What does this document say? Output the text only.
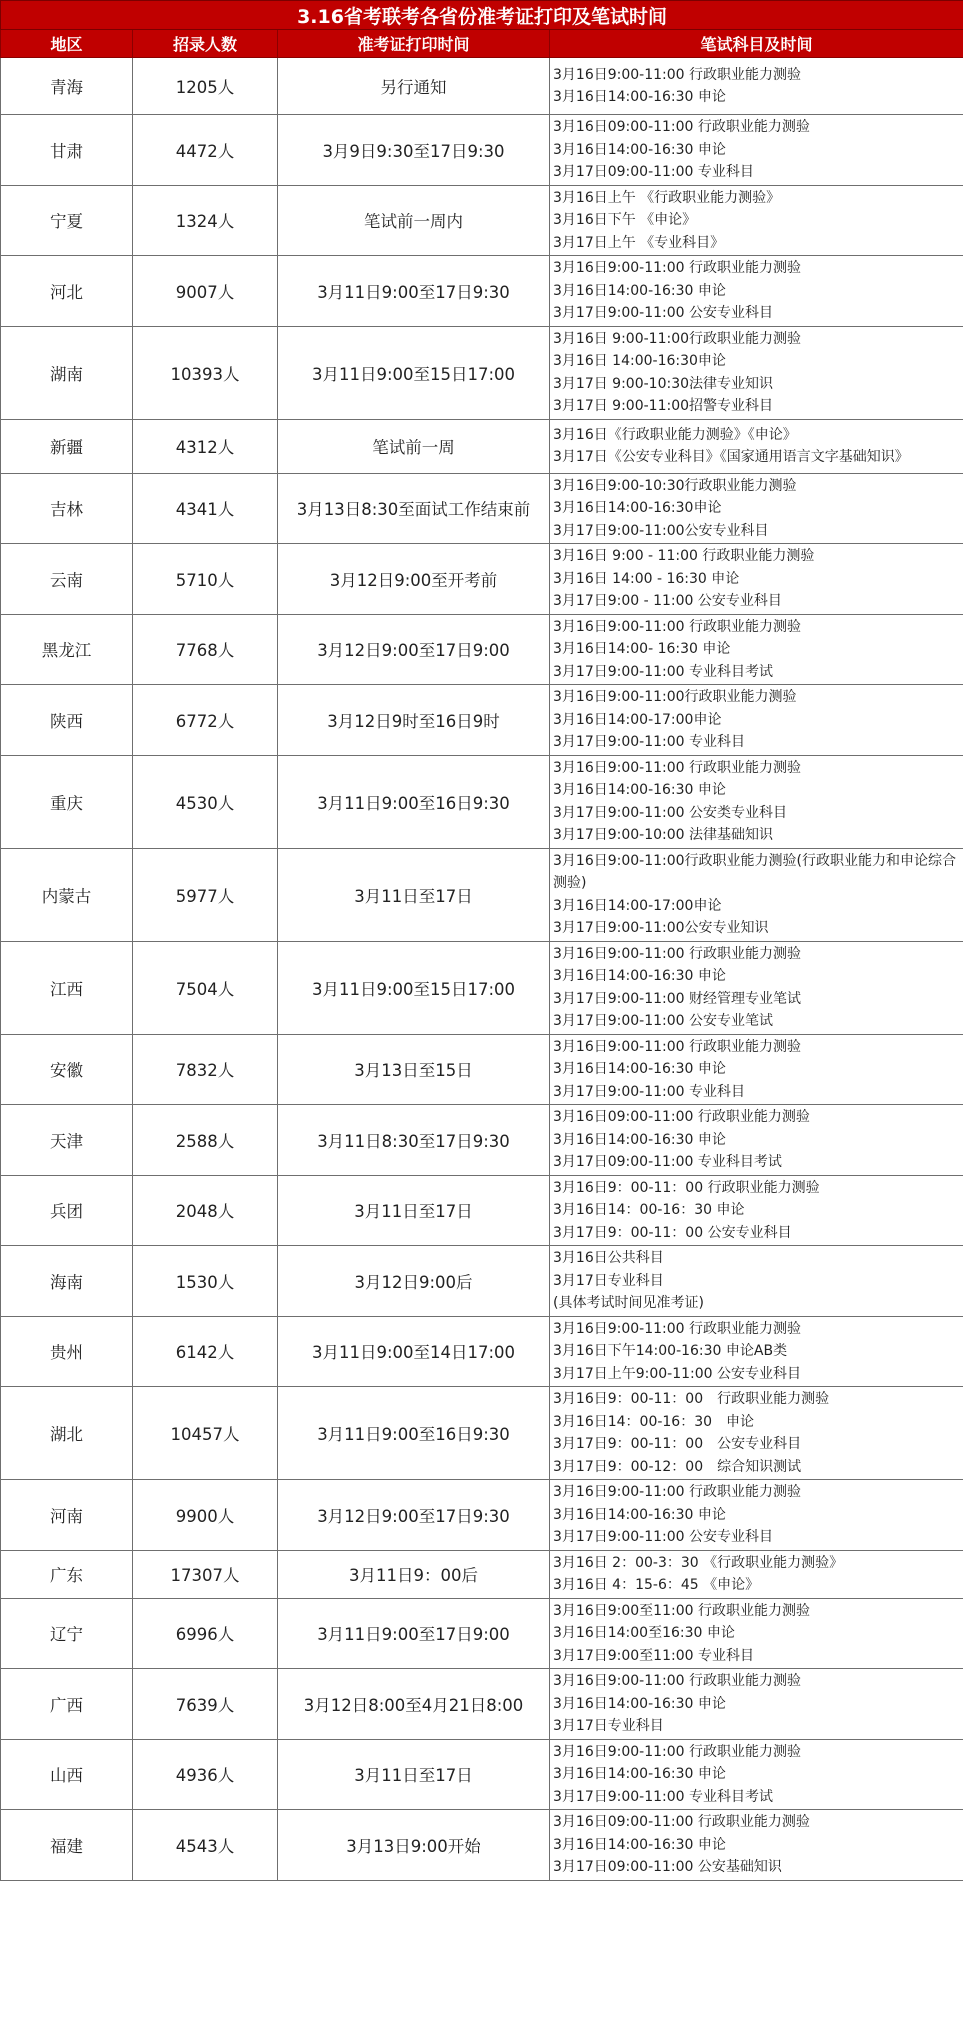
3.16省考联考各省份准考证打印及笔试时间			
地区	招录人数	准考证打印时间	笔试科目及时间
青海	1205人	另行通知	3月16日9:00-11:00 行政职业能力测验
3月16日14:00-16:30 申论

甘肃	4472人	3月9日9:30至17日9:30	3月16日09:00-11:00 行政职业能力测验
3月16日14:00-16:30 申论
3月17日09:00-11:00 专业科目

宁夏	1324人	笔试前一周内	3月16日上午 《行政职业能力测验》
3月16日下午 《申论》
3月17日上午 《专业科目》

河北	9007人	3月11日9:00至17日9:30	3月16日9:00-11:00 行政职业能力测验
3月16日14:00-16:30 申论
3月17日9:00-11:00 公安专业科目

湖南	10393人	3月11日9:00至15日17:00	3月16日 9:00-11:00行政职业能力测验
3月16日 14:00-16:30申论
3月17日 9:00-10:30法律专业知识
3月17日 9:00-11:00招警专业科目

新疆	4312人	笔试前一周	3月16日《行政职业能力测验》《申论》
3月17日《公安专业科目》《国家通用语言文字基础知识》

吉林	4341人	3月13日8:30至面试工作结束前	3月16日9:00-10:30行政职业能力测验
3月16日14:00-16:30申论
3月17日9:00-11:00公安专业科目

云南	5710人	3月12日9:00至开考前	3月16日 9:00 - 11:00 行政职业能力测验
3月16日 14:00 - 16:30 申论
3月17日9:00 - 11:00 公安专业科目

黑龙江	7768人	3月12日9:00至17日9:00	3月16日9:00-11:00 行政职业能力测验
3月16日14:00- 16:30 申论
3月17日9:00-11:00 专业科目考试

陕西	6772人	3月12日9时至16日9时	3月16日9:00-11:00行政职业能力测验
3月16日14:00-17:00申论
3月17日9:00-11:00 专业科目

重庆	4530人	3月11日9:00至16日9:30	3月16日9:00-11:00 行政职业能力测验
3月16日14:00-16:30 申论
3月17日9:00-11:00 公安类专业科目
3月17日9:00-10:00 法律基础知识

内蒙古	5977人	3月11日至17日	3月16日9:00-11:00行政职业能力测验(行政职业能力和申论综合测验)
3月16日14:00-17:00申论
3月17日9:00-11:00公安专业知识

江西	7504人	3月11日9:00至15日17:00	3月16日9:00-11:00 行政职业能力测验
3月16日14:00-16:30 申论
3月17日9:00-11:00 财经管理专业笔试
3月17日9:00-11:00 公安专业笔试

安徽	7832人	3月13日至15日	3月16日9:00-11:00 行政职业能力测验
3月16日14:00-16:30 申论
3月17日9:00-11:00 专业科目

天津	2588人	3月11日8:30至17日9:30	3月16日09:00-11:00 行政职业能力测验
3月16日14:00-16:30 申论
3月17日09:00-11:00 专业科目考试

兵团	2048人	3月11日至17日	3月16日9：00-11：00 行政职业能力测验
3月16日14：00-16：30 申论
3月17日9：00-11：00 公安专业科目

海南	1530人	3月12日9:00后	3月16日公共科目
3月17日专业科目
(具体考试时间见准考证)

贵州	6142人	3月11日9:00至14日17:00	3月16日9:00-11:00 行政职业能力测验
3月16日下午14:00-16:30 申论AB类
3月17日上午9:00-11:00 公安专业科目

湖北	10457人	3月11日9:00至16日9:30	3月16日9：00-11：00　行政职业能力测验
3月16日14：00-16：30　申论
3月17日9：00-11：00　公安专业科目
3月17日9：00-12：00　综合知识测试

河南	9900人	3月12日9:00至17日9:30	3月16日9:00-11:00 行政职业能力测验
3月16日14:00-16:30 申论
3月17日9:00-11:00 公安专业科目

广东	17307人	3月11日9：00后	3月16日 2：00-3：30 《行政职业能力测验》
3月16日 4：15-6：45 《申论》

辽宁	6996人	3月11日9:00至17日9:00	3月16日9:00至11:00 行政职业能力测验
3月16日14:00至16:30 申论
3月17日9:00至11:00 专业科目

广西	7639人	3月12日8:00至4月21日8:00	3月16日9:00-11:00 行政职业能力测验
3月16日14:00-16:30 申论
3月17日专业科目

山西	4936人	3月11日至17日	3月16日9:00-11:00 行政职业能力测验
3月16日14:00-16:30 申论
3月17日9:00-11:00 专业科目考试

福建	4543人	3月13日9:00开始	3月16日09:00-11:00 行政职业能力测验
3月16日14:00-16:30 申论
3月17日09:00-11:00 公安基础知识
